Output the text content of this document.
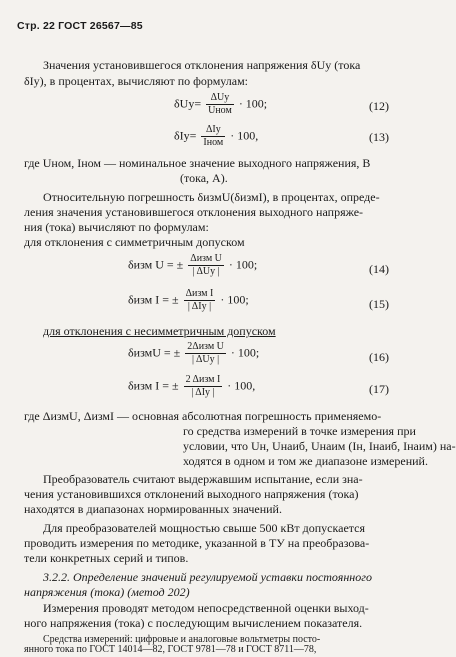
Стр. 22 ГОСТ 26567—85
Значения установившегося отклонения напряжения δUу (тока
δIу), в процентах, вычисляют по формулам:
$\delta Uу= \frac{\text{ΔUу}}{\text{Uном}} \cdot 100$;	(12)
$\delta Iу= \frac{\text{ΔIу}}{\text{Iном}} \cdot 100$,	(13)
где Uном, Iном — номинальное значение выходного напряжения, В
(тока, А).
Относительную погрешность δизмU(δизмI), в процентах, опреде-
ления значения установившегося отклонения выходного напряже-
ния (тока) вычисляют по формулам:
для отклонения с симметричным допуском
δизм U = ± $\frac{\text{Δизм U}}{\text{| ΔUу |}} \cdot 100$;	(14)
δизм I = ± $\frac{\text{Δизм I}}{\text{| ΔIу |}} \cdot 100$;	(15)
для отклонения с несимметричным допуском
δизмU = ± $\frac{\text{2Δизм U}}{\text{| ΔUу |}} \cdot 100$;	(16)
δизм I = ± $\frac{\text{2 Δизм I}}{\text{| ΔIу |}} \cdot 100$,	(17)
где ΔизмU, ΔизмI — основная абсолютная погрешность применяемо-
го средства измерений в точке измерения при
условии, что Uн, Uнаиб, Uнаим (Iн, Iнаиб, Iнаим) на-
ходятся в одном и том же диапазоне измерений.
Преобразователь считают выдержавшим испытание, если зна-
чения установившихся отклонений выходного напряжения (тока)
находятся в диапазонах нормированных значений.
Для преобразователей мощностью свыше 500 кВт допускается
проводить измерения по методике, указанной в ТУ на преобразова-
тели конкретных серий и типов.
3.2.2. Определение значений регулируемой уставки постоянного
напряжения (тока) (метод 202)
Измерения проводят методом непосредственной оценки выход-
ного напряжения (тока) с последующим вычислением показателя.
Средства измерений: цифровые и аналоговые вольтметры посто-
янного тока по ГОСТ 14014—82, ГОСТ 9781—78 и ГОСТ 8711—78,
